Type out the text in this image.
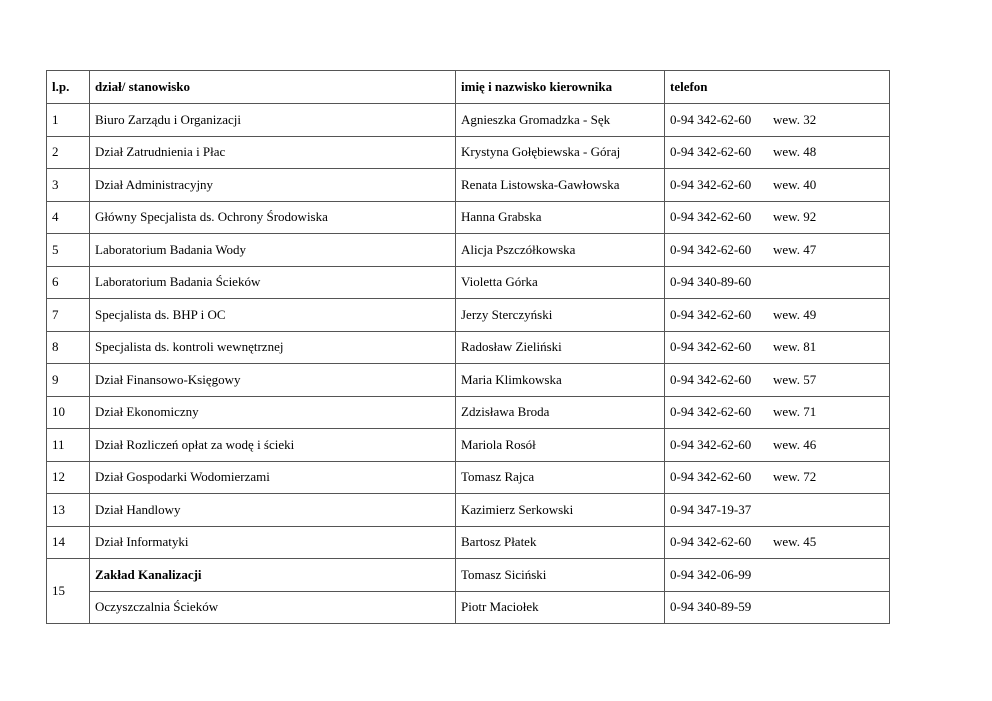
l.p.	dział/ stanowisko	imię i nazwisko kierownika	telefon
1	Biuro Zarządu i Organizacji	Agnieszka Gromadzka - Sęk	0-94 342-62-60 wew. 32
2	Dział Zatrudnienia i Płac	Krystyna Gołębiewska - Góraj	0-94 342-62-60 wew. 48
3	Dział Administracyjny	Renata Listowska-Gawłowska	0-94 342-62-60 wew. 40
4	Główny Specjalista ds. Ochrony Środowiska	Hanna Grabska	0-94 342-62-60 wew. 92
5	Laboratorium Badania Wody	Alicja Pszczółkowska	0-94 342-62-60 wew. 47
6	Laboratorium Badania Ścieków	Violetta Górka	0-94 340-89-60
7	Specjalista ds. BHP i OC	Jerzy Sterczyński	0-94 342-62-60 wew. 49
8	Specjalista ds. kontroli wewnętrznej	Radosław Zieliński	0-94 342-62-60 wew. 81
9	Dział Finansowo-Księgowy	Maria Klimkowska	0-94 342-62-60 wew. 57
10	Dział Ekonomiczny	Zdzisława Broda	0-94 342-62-60 wew. 71
11	Dział Rozliczeń opłat za wodę i ścieki	Mariola Rosół	0-94 342-62-60 wew. 46
12	Dział Gospodarki Wodomierzami	Tomasz Rajca	0-94 342-62-60 wew. 72
13	Dział Handlowy	Kazimierz Serkowski	0-94 347-19-37
14	Dział Informatyki	Bartosz Płatek	0-94 342-62-60 wew. 45
15	Zakład Kanalizacji	Tomasz Siciński	0-94 342-06-99
	Oczyszczalnia Ścieków	Piotr Maciołek	0-94 340-89-59
